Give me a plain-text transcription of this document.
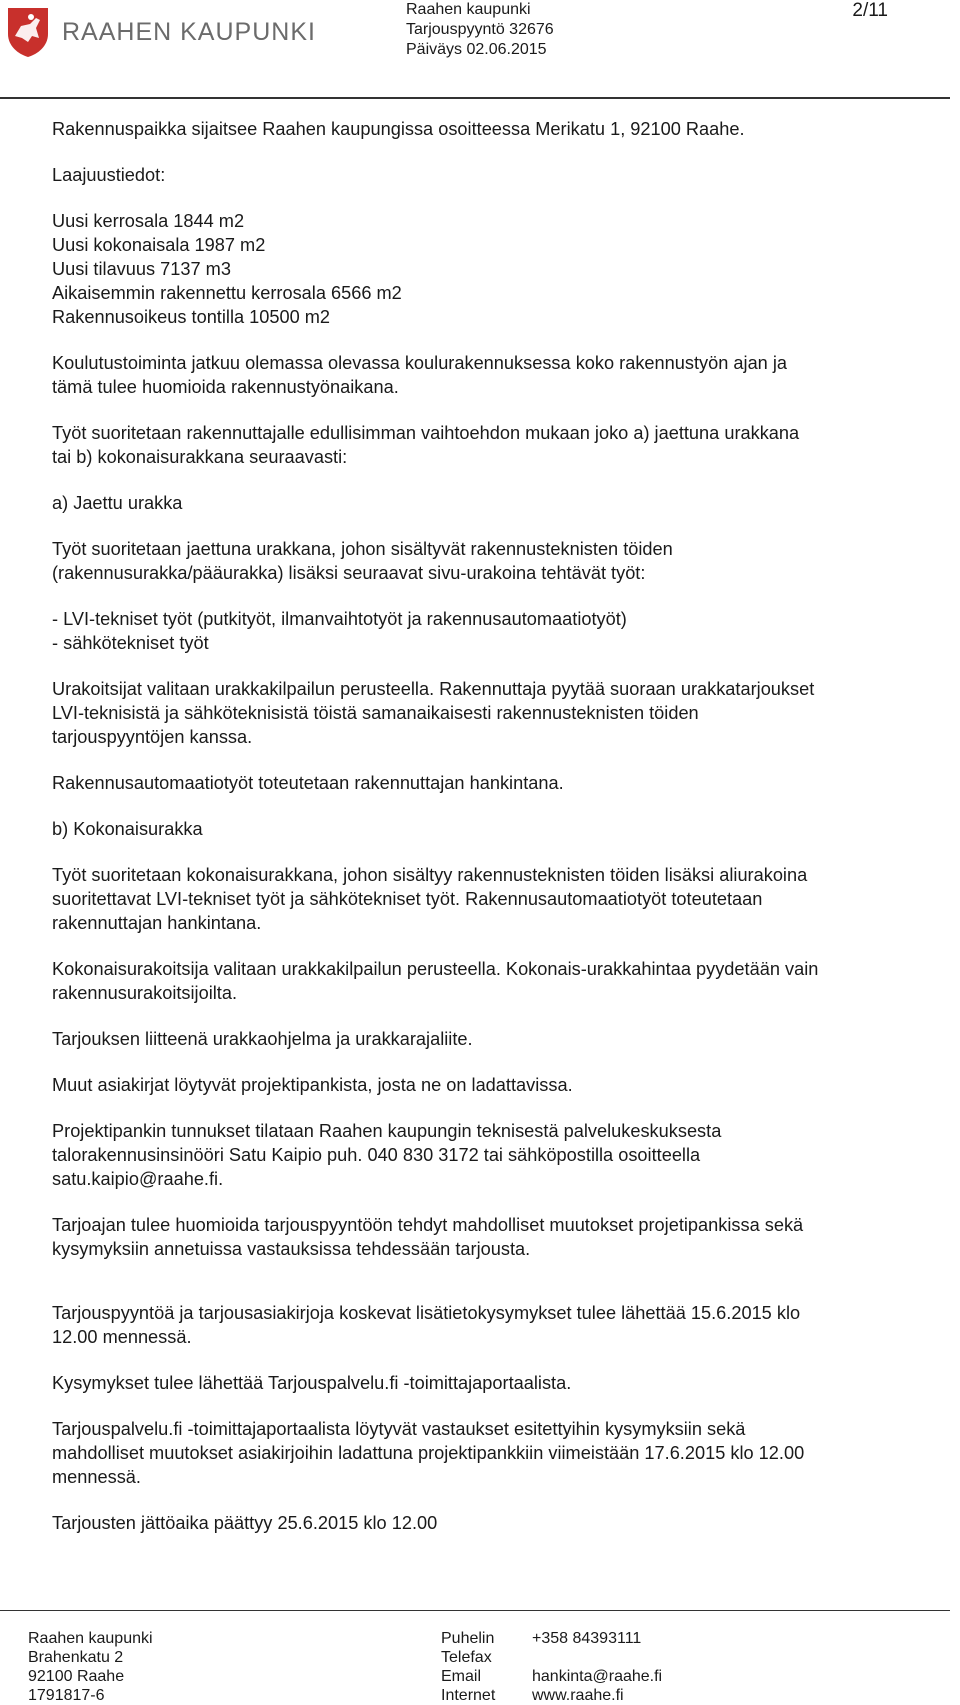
RAAHEN KAUPUNKI
Raahen kaupunki
Tarjouspyyntö 32676
Päiväys 02.06.2015
2/11

Rakennuspaikka sijaitsee Raahen kaupungissa osoitteessa Merikatu 1, 92100 Raahe.

Laajuustiedot:

Uusi kerrosala 1844 m2
Uusi kokonaisala 1987 m2
Uusi tilavuus 7137 m3
Aikaisemmin rakennettu kerrosala 6566 m2
Rakennusoikeus tontilla 10500 m2

Koulutustoiminta jatkuu olemassa olevassa koulurakennuksessa koko rakennustyön ajan ja
tämä tulee huomioida rakennustyönaikana.

Työt suoritetaan rakennuttajalle edullisimman vaihtoehdon mukaan joko a) jaettuna urakkana
tai b) kokonaisurakkana seuraavasti:

a) Jaettu urakka

Työt suoritetaan jaettuna urakkana, johon sisältyvät rakennusteknisten töiden
(rakennusurakka/pääurakka) lisäksi seuraavat sivu-urakoina tehtävät työt:

- LVI-tekniset työt (putkityöt, ilmanvaihtotyöt ja rakennusautomaatiotyöt)
- sähkötekniset työt

Urakoitsijat valitaan urakkakilpailun perusteella. Rakennuttaja pyytää suoraan urakkatarjoukset
LVI-teknisistä ja sähköteknisistä töistä samanaikaisesti rakennusteknisten töiden
tarjouspyyntöjen kanssa.

Rakennusautomaatiotyöt toteutetaan rakennuttajan hankintana.

b) Kokonaisurakka

Työt suoritetaan kokonaisurakkana, johon sisältyy rakennusteknisten töiden lisäksi aliurakoina
suoritettavat LVI-tekniset työt ja sähkötekniset työt. Rakennusautomaatiotyöt toteutetaan
rakennuttajan hankintana.

Kokonaisurakoitsija valitaan urakkakilpailun perusteella. Kokonais-urakkahintaa pyydetään vain
rakennusurakoitsijoilta.

Tarjouksen liitteenä urakkaohjelma ja urakkarajaliite.

Muut asiakirjat löytyvät projektipankista, josta ne on ladattavissa.

Projektipankin tunnukset tilataan Raahen kaupungin teknisestä palvelukeskuksesta
talorakennusinsinööri Satu Kaipio puh. 040 830 3172 tai sähköpostilla osoitteella
satu.kaipio@raahe.fi.

Tarjoajan tulee huomioida tarjouspyyntöön tehdyt mahdolliset muutokset projetipankissa sekä
kysymyksiin annetuissa vastauksissa tehdessään tarjousta.

Tarjouspyyntöä ja tarjousasiakirjoja koskevat lisätietokysymykset tulee lähettää 15.6.2015 klo
12.00 mennessä.

Kysymykset tulee lähettää Tarjouspalvelu.fi -toimittajaportaalista.

Tarjouspalvelu.fi -toimittajaportaalista löytyvät vastaukset esitettyihin kysymyksiin sekä
mahdolliset muutokset asiakirjoihin ladattuna projektipankkiin viimeistään 17.6.2015 klo 12.00
mennessä.

Tarjousten jättöaika päättyy 25.6.2015 klo 12.00

Raahen kaupunki
Brahenkatu 2
92100 Raahe
1791817-6
Puhelin
Telefax
Email
Internet
+358 84393111
hankinta@raahe.fi
www.raahe.fi
